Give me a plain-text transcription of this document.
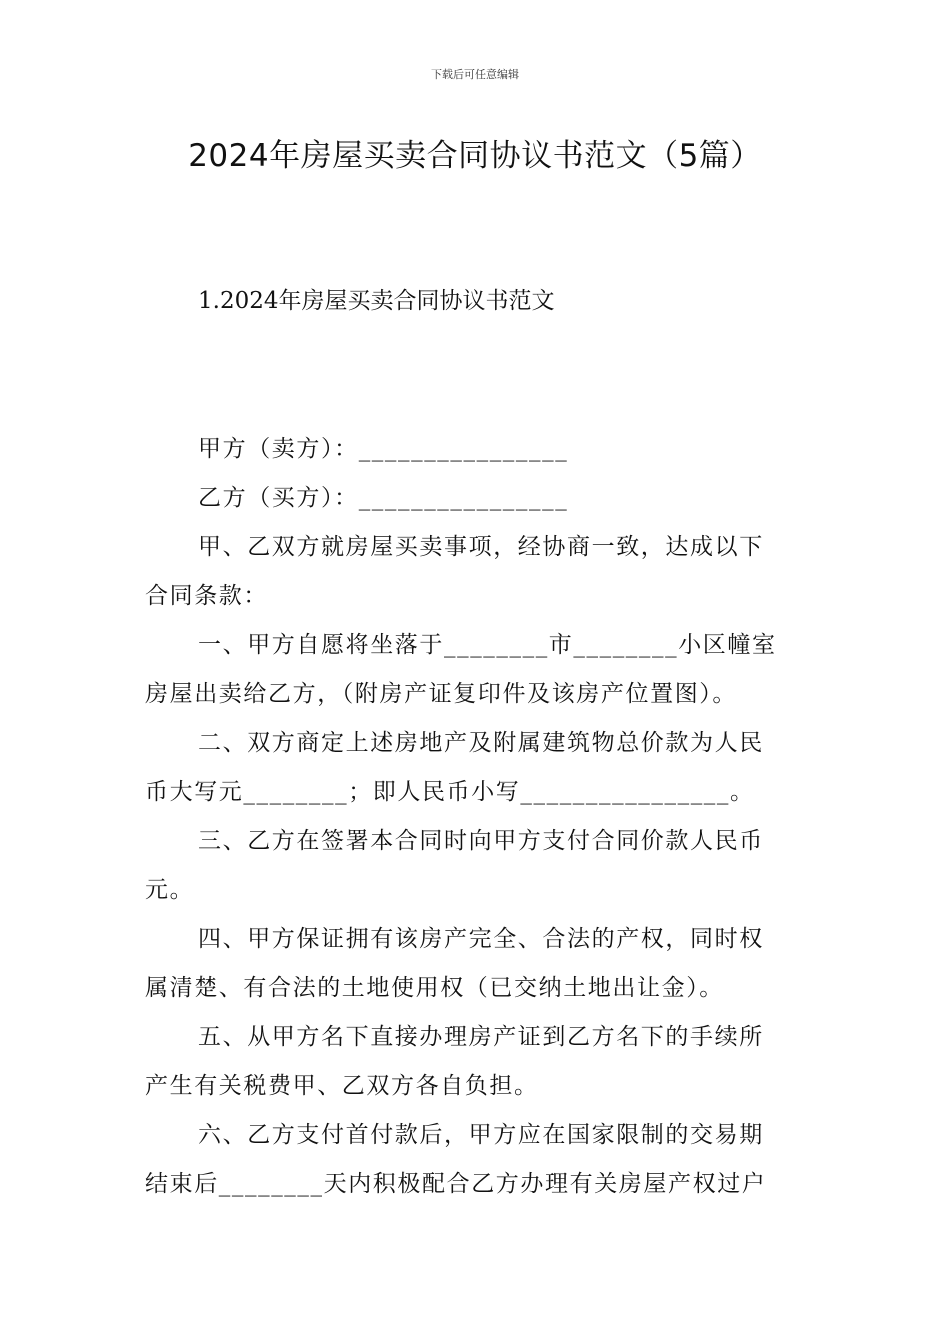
下载后可任意编辑
2024年房屋买卖合同协议书范文（5篇）
1.2024年房屋买卖合同协议书范文
甲方（卖方）：________________
乙方（买方）：________________
甲、乙双方就房屋买卖事项，经协商一致，达成以下
合同条款：
一、甲方自愿将坐落于________市________小区幢室
房屋出卖给乙方，（附房产证复印件及该房产位置图）。
二、双方商定上述房地产及附属建筑物总价款为人民
币大写元________；即人民币小写________________。
三、乙方在签署本合同时向甲方支付合同价款人民币
元。
四、甲方保证拥有该房产完全、合法的产权，同时权
属清楚、有合法的土地使用权（已交纳土地出让金）。
五、从甲方名下直接办理房产证到乙方名下的手续所
产生有关税费甲、乙双方各自负担。
六、乙方支付首付款后，甲方应在国家限制的交易期
结束后________天内积极配合乙方办理有关房屋产权过户
